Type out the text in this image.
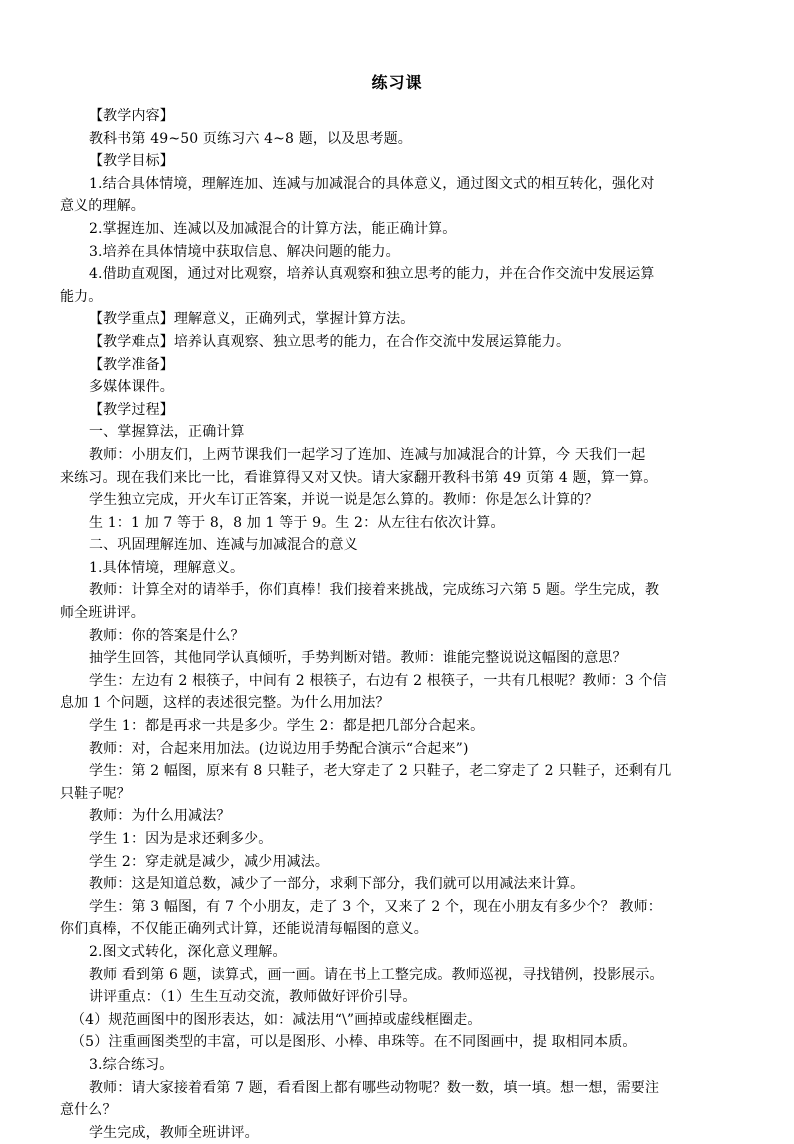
练习课
【教学内容】
教科书第 49~50 页练习六 4~8 题，以及思考题。
【教学目标】
1.结合具体情境，理解连加、连减与加减混合的具体意义，通过图文式的相互转化，强化对
意义的理解。
2.掌握连加、连减以及加减混合的计算方法，能正确计算。
3.培养在具体情境中获取信息、解决问题的能力。
4.借助直观图，通过对比观察，培养认真观察和独立思考的能力，并在合作交流中发展运算
能力。
【教学重点】理解意义，正确列式，掌握计算方法。
【教学难点】培养认真观察、独立思考的能力，在合作交流中发展运算能力。
【教学准备】
多媒体课件。
【教学过程】
一、掌握算法，正确计算
教师：小朋友们，上两节课我们一起学习了连加、连减与加减混合的计算，今 天我们一起
来练习。现在我们来比一比，看谁算得又对又快。请大家翻开教科书第 49 页第 4 题，算一算。
学生独立完成，开火车订正答案，并说一说是怎么算的。教师：你是怎么计算的？
生 1：1 加 7 等于 8，8 加 1 等于 9。生 2：从左往右依次计算。
二、巩固理解连加、连减与加减混合的意义
1.具体情境，理解意义。
教师：计算全对的请举手，你们真棒！我们接着来挑战，完成练习六第 5 题。学生完成，教
师全班讲评。
教师：你的答案是什么？
抽学生回答，其他同学认真倾听，手势判断对错。教师：谁能完整说说这幅图的意思？
学生：左边有 2 根筷子，中间有 2 根筷子，右边有 2 根筷子，一共有几根呢？教师：3 个信
息加 1 个问题，这样的表述很完整。为什么用加法？
学生 1：都是再求一共是多少。学生 2：都是把几部分合起来。
教师：对，合起来用加法。(边说边用手势配合演示“合起来”)
学生：第 2 幅图，原来有 8 只鞋子，老大穿走了 2 只鞋子，老二穿走了 2 只鞋子，还剩有几
只鞋子呢？
教师：为什么用减法？
学生 1：因为是求还剩多少。
学生 2：穿走就是减少，减少用减法。
教师：这是知道总数，减少了一部分，求剩下部分，我们就可以用减法来计算。
学生：第 3 幅图，有 7 个小朋友，走了 3 个，又来了 2 个，现在小朋友有多少个？ 教师：
你们真棒，不仅能正确列式计算，还能说清每幅图的意义。
2.图文式转化，深化意义理解。
教师 看到第 6 题，读算式，画一画。请在书上工整完成。教师巡视，寻找错例，投影展示。
讲评重点：（1）生生互动交流，教师做好评价引导。
（4）规范画图中的图形表达，如：减法用“\”画掉或虚线框圈走。
（5）注重画图类型的丰富，可以是图形、小棒、串珠等。在不同图画中，提 取相同本质。
3.综合练习。
教师：请大家接着看第 7 题，看看图上都有哪些动物呢？数一数，填一填。想一想，需要注
意什么？
学生完成，教师全班讲评。
